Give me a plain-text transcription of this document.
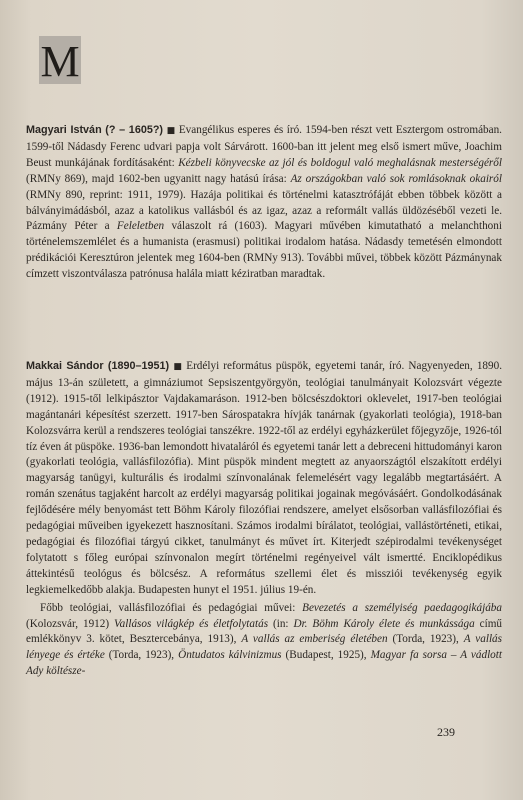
M

Magyari István (? – 1605?) ■ Evangélikus esperes és író. 1594-ben részt vett Esztergom ostromában. 1599-től Nádasdy Ferenc udvari papja volt Sárvárott. 1600-ban itt jelent meg első ismert műve, Joachim Beust munkájának fordításaként: Kézbeli könyvecske az jól és boldogul való meghalásnak mesterségéről (RMNy 869), majd 1602-ben ugyanitt nagy hatású írása: Az országokban való sok romlásoknak okairól (RMNy 890, reprint: 1911, 1979). Hazája politikai és történelmi katasztrófáját ebben többek között a bálványimádásból, azaz a katolikus vallásból és az igaz, azaz a reformált vallás üldözéséből vezeti le. Pázmány Péter a Feleletben válaszolt rá (1603). Magyari művében kimutatható a melanchthoni történelemszemlélet és a humanista (erasmusi) politikai irodalom hatása. Nádasdy temetésén elmondott prédikációi Keresztúron jelentek meg 1604-ben (RMNy 913). További művei, többek között Pázmánynak címzett viszontválasza patrónusa halála miatt kéziratban maradtak.

Makkai Sándor (1890–1951) ■ Erdélyi református püspök, egyetemi tanár, író. Nagyenyeden, 1890. május 13-án született, a gimnáziumot Sepsiszentgyörgyön, teológiai tanulmányait Kolozsvárt végezte (1912). 1915-től lelkipásztor Vajdakamaráson. 1912-ben bölcsészdoktori oklevelet, 1917-ben teológiai magántanári képesítést szerzett. 1917-ben Sárospatakra hívják tanárnak (gyakorlati teológia), 1918-ban Kolozsvárra kerül a rendszeres teológiai tanszékre. 1922-től az erdélyi egyházkerület főjegyzője, 1926-tól tíz éven át püspöke. 1936-ban lemondott hivataláról és egyetemi tanár lett a debreceni hittudományi karon (gyakorlati teológia, vallásfilozófia). Mint püspök mindent megtett az anyaországtól elszakított erdélyi magyarság tanügyi, kulturális és irodalmi színvonalának felemelésért vagy legalább megtartásáért. A román szenátus tagjaként harcolt az erdélyi magyarság politikai jogainak megóvásáért. Gondolkodásának fejlődésére mély benyomást tett Böhm Károly filozófiai rendszere, amelyet elsősorban vallásfilozófiai és pedagógiai műveiben igyekezett hasznosítani. Számos irodalmi bírálatot, teológiai, vallástörténeti, etikai, pedagógiai és filozófiai tárgyú cikket, tanulmányt és művet írt. Kiterjedt szépirodalmi tevékenységet folytatott s főleg európai színvonalon megírt történelmi regényeivel vált ismertté. Enciklopédikus áttekintésű teológus és bölcsész. A református szellemi élet és missziói tevékenység egyik legkiemelkedőbb alakja. Budapesten hunyt el 1951. július 19-én.

Főbb teológiai, vallásfilozófiai és pedagógiai művei: Bevezetés a személyiség paedagogikájába (Kolozsvár, 1912) Vallásos világkép és életfolytatás (in: Dr. Böhm Károly élete és munkássága című emlékkönyv 3. kötet, Besztercebánya, 1913), A vallás az emberiség életében (Torda, 1923), A vallás lényege és értéke (Torda, 1923), Öntudatos kálvinizmus (Budapest, 1925), Magyar fa sorsa – A vádlott Ady költésze-

239
